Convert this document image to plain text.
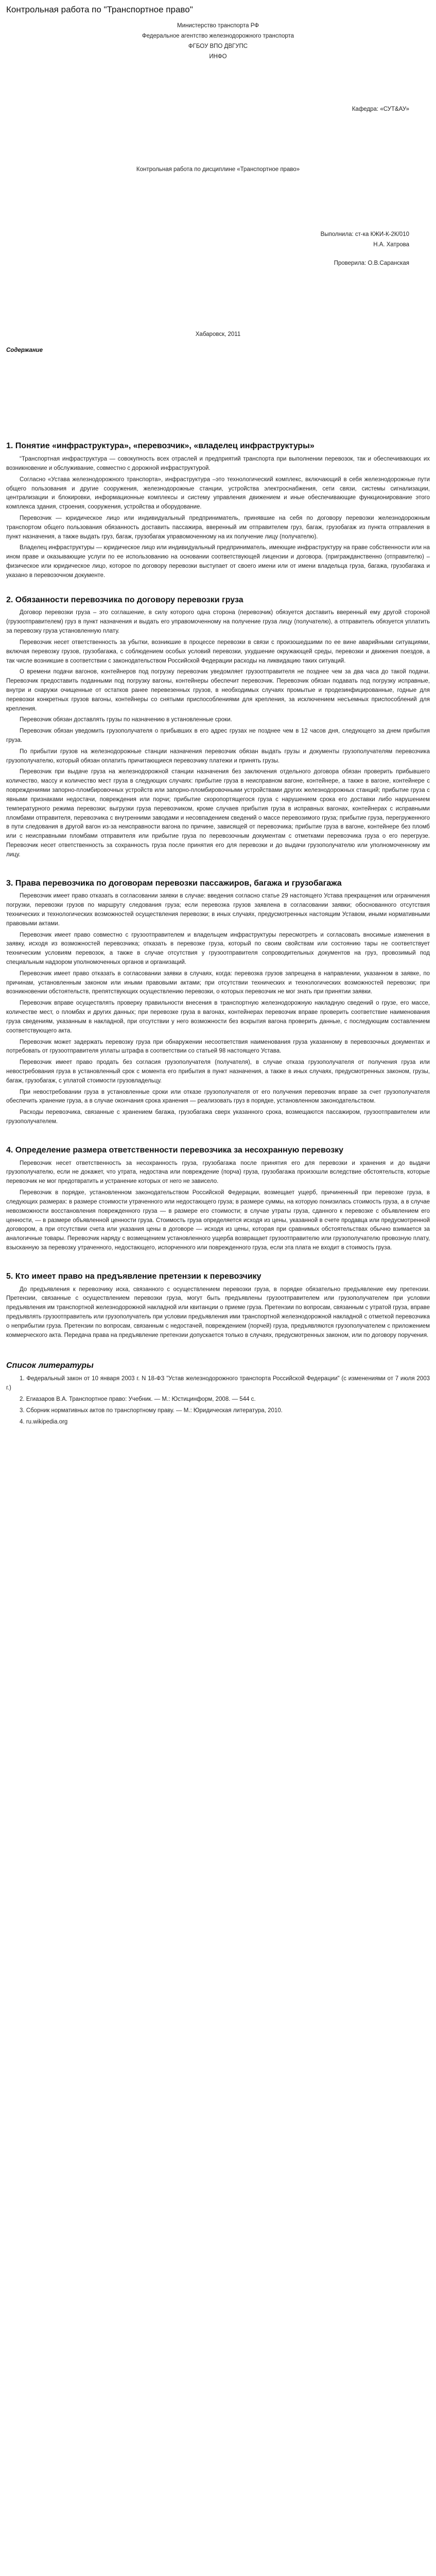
Контрольная работа по "Транспортное право"
Министерство транспорта РФ
Федеральное агентство железнодорожного транспорта
ФГБОУ ВПО ДВГУПС
ИНФО
Кафедра: «СУТ&АУ»
Контрольная работа по дисциплине «Транспортное право»
Выполнила: ст-ка КЖИ-К-2К/010
Н.А. Хатрова
Проверила: О.В.Саранская
Хабаровск, 2011
Содержание
1. Понятие «инфраструктура», «перевозчик», «владелец инфраструктуры»

“Транспортная инфраструктура — совокупность всех отраслей и предприятий транспорта при выполнении перевозок, так и обеспечивающих их возникновение и обслуживание, совместно с дорожной инфраструктурой.

Согласно «Устава железнодорожного транспорта», инфраструктура –это технологический комплекс, включающий в себя железнодорожные пути общего пользования и другие сооружения, железнодорожные станции, устройства электроснабжения, сети связи, системы сигнализации, централизации и блокировки, информационные комплексы и систему управления движением и иные обеспечивающие функционирование этого комплекса здания, строения, сооружения, устройства и оборудование.

Перевозчик — юридическое лицо или индивидуальный предприниматель, принявшие на себя по договору перевозки железнодорожным транспортом общего пользования обязанность доставить пассажира, вверенный им отправителем груз, багаж, грузобагаж из пункта отправления в пункт назначения, а также выдать груз, багаж, грузобагаж управомоченному на их получение лицу (получателю).

Владелец инфраструктуры — юридическое лицо или индивидуальный предприниматель, имеющие инфраструктуру на праве собственности или на ином праве и оказывающие услуги по ее использованию на основании соответствующей лицензии и договора. (пригражданственно (отправителю) – физическое или юридическое лицо, которое по договору перевозки выступает от своего имени или от имени владельца груза, багажа, грузобагажа и указано в перевозочном документе.

2. Обязанности перевозчика по договору перевозки груза

Договор перевозки груза – это соглашение, в силу которого одна сторона (перевозчик) обязуется доставить вверенный ему другой стороной (грузоотправителем) груз в пункт назначения и выдать его управомоченному на получение груза лицу (получателю), а отправитель обязуется уплатить за перевозку груза установленную плату.

Перевозчик несет ответственность за убытки, возникшие в процессе перевозки в связи с произошедшими по ее вине аварийными ситуациями, включая перевозку грузов, грузобагажа, с соблюдением особых условий перевозки, ухудшение окружающей среды, перевозки и движения поездов, а так числе возникшие в соответствии с законодательством Российской Федерации расходы на ликвидацию таких ситуаций.

О времени подачи вагонов, контейнеров под погрузку перевозчик уведомляет грузоотправителя не позднее чем за два часа до такой подачи. Перевозчик предоставить поданными под погрузку вагоны, контейнеры обеспечит перевозчик. Перевозчик обязан подавать под погрузку исправные, внутри и снаружи очищенные от остатков ранее перевезенных грузов, в необходимых случаях промытые и продезинфицированные, годные для перевозки конкретных грузов вагоны, контейнеры со снятыми приспособлениями для крепления, за исключением несъемных приспособлений для крепления.

Перевозчик обязан доставлять грузы по назначению в установленные сроки.

Перевозчик обязан уведомить грузополучателя о прибывших в его адрес грузах не позднее чем в 12 часов дня, следующего за днем прибытия груза.

По прибытии грузов на железнодорожные станции назначения перевозчик обязан выдать грузы и документы грузополучателям перевозчика грузополучателю, который обязан оплатить причитающиеся перевозчику платежи и принять грузы.

Перевозчик при выдаче груза на железнодорожной станции назначения без заключения отдельного договора обязан проверить прибывшего количество, массу и количество мест груза в следующих случаях: прибытие груза в неисправном вагоне, контейнере, а также в вагоне, контейнере с повреждениями запорно-пломбировочных устройств или запорно-пломбировочными устройствами других железнодорожных станций; прибытие груза с явными признаками недостачи, повреждения или порчи; прибытие скоропортящегося груза с нарушением срока его доставки либо нарушением температурного режима перевозки; выгрузки груза перевозчиком, кроме случаев прибытия груза в исправных вагонах, контейнерах с исправными пломбами отправителя, перевозчика с внутренними заводами и несовпадением сведений о массе перевозимого груза; прибытие груза, перегруженного в пути следования в другой вагон из-за неисправности вагона по причине, зависящей от перевозчика; прибытие груза в вагоне, контейнере без пломб или с неисправными пломбами отправителя или прибытие груза по перевозочным документам с отметками перевозчика груза о его перегрузе. Перевозчик несет ответственность за сохранность груза после принятия его для перевозки и до выдачи грузополучателю или уполномоченному им лицу.

3. Права перевозчика по договорам перевозки пассажиров, багажа и грузобагажа

Перевозчик имеет право отказать в согласовании заявки в случае: введения согласно статье 29 настоящего Устава прекращения или ограничения погрузки, перевозки грузов по маршруту следования груза; если перевозка грузов заявлена в согласовании заявки; обоснованного отсутствия технических и технологических возможностей осуществления перевозки; в иных случаях, предусмотренных настоящим Уставом, иными нормативными правовыми актами.

Перевозчик имеет право совместно с грузоотправителем и владельцем инфраструктуры пересмотреть и согласовать вносимые изменения в заявку, исходя из возможностей перевозчика; отказать в перевозке груза, который по своим свойствам или состоянию тары не соответствует техническим условиям перевозок, а также в случае отсутствия у грузоотправителя сопроводительных документов на груз, провозимый под специальным надзором уполномоченных органов и организаций.

Перевозчик имеет право отказать в согласовании заявки в случаях, когда: перевозка грузов запрещена в направлении, указанном в заявке, по причинам, установленным законом или иными правовыми актами; при отсутствии технических и технологических возможностей перевозки; при возникновении обстоятельств, препятствующих осуществлению перевозки, о которых перевозчик не мог знать при принятии заявки.

Перевозчик вправе осуществлять проверку правильности внесения в транспортную железнодорожную накладную сведений о грузе, его массе, количестве мест, о пломбах и других данных; при перевозке груза в вагонах, контейнерах перевозчик вправе проверить соответствие наименования груза сведениям, указанным в накладной, при отсутствии у него возможности без вскрытия вагона проверить данные, с последующим составлением соответствующего акта.

Перевозчик может задержать перевозку груза при обнаружении несоответствия наименования груза указанному в перевозочных документах и потребовать от грузоотправителя уплаты штрафа в соответствии со статьей 98 настоящего Устава.

Перевозчик имеет право продать без согласия грузополучателя (получателя), в случае отказа грузополучателя от получения груза или невостребования груза в установленный срок с момента его прибытия в пункт назначения, а также в иных случаях, предусмотренных законом, грузы, багаж, грузобагаж, с уплатой стоимости грузовладельцу.

При невостребовании груза в установленные сроки или отказе грузополучателя от его получения перевозчик вправе за счет грузополучателя обеспечить хранение груза, а в случае окончания срока хранения — реализовать груз в порядке, установленном законодательством.

Расходы перевозчика, связанные с хранением багажа, грузобагажа сверх указанного срока, возмещаются пассажиром, грузоотправителем или грузополучателем.

4. Определение размера ответственности перевозчика за несохранную перевозку

Перевозчик несет ответственность за несохранность груза, грузобагажа после принятия его для перевозки и хранения и до выдачи грузополучателю, если не докажет, что утрата, недостача или повреждение (порча) груза, грузобагажа произошли вследствие обстоятельств, которые перевозчик не мог предотвратить и устранение которых от него не зависело.

Перевозчик в порядке, установленном законодательством Российской Федерации, возмещает ущерб, причиненный при перевозке груза, в следующих размерах: в размере стоимости утраченного или недостающего груза; в размере суммы, на которую понизилась стоимость груза, а в случае невозможности восстановления поврежденного груза — в размере его стоимости; в случае утраты груза, сданного к перевозке с объявлением его ценности, — в размере объявленной ценности груза. Стоимость груза определяется исходя из цены, указанной в счете продавца или предусмотренной договором, а при отсутствии счета или указания цены в договоре — исходя из цены, которая при сравнимых обстоятельствах обычно взимается за аналогичные товары. Перевозчик наряду с возмещением установленного ущерба возвращает грузоотправителю или грузополучателю провозную плату, взысканную за перевозку утраченного, недостающего, испорченного или поврежденного груза, если эта плата не входит в стоимость груза.

5. Кто имеет право на предъявление претензии к перевозчику

До предъявления к перевозчику иска, связанного с осуществлением перевозки груза, в порядке обязательно предъявление ему претензии. Претензии, связанные с осуществлением перевозки груза, могут быть предъявлены грузоотправителем или грузополучателем при условии предъявления им транспортной железнодорожной накладной или квитанции о приеме груза. Претензии по вопросам, связанным с утратой груза, вправе предъявлять грузоотправитель или грузополучатель при условии предъявления ими транспортной железнодорожной накладной с отметкой перевозчика о неприбытии груза. Претензии по вопросам, связанным с недостачей, повреждением (порчей) груза, предъявляются грузополучателем с приложением коммерческого акта. Передача права на предъявление претензии допускается только в случаях, предусмотренных законом, или по договору поручения.

Список литературы

1. Федеральный закон от 10 января 2003 г. N 18-ФЗ "Устав железнодорожного транспорта Российской Федерации" (с изменениями от 7 июля 2003 г.)

2. Егиазаров В.А. Транспортное право: Учебник. — М.: Юстицинформ, 2008. — 544 с.

3. Сборник нормативных актов по транспортному праву. — М.: Юридическая литература, 2010.

4. ru.wikipedia.org
